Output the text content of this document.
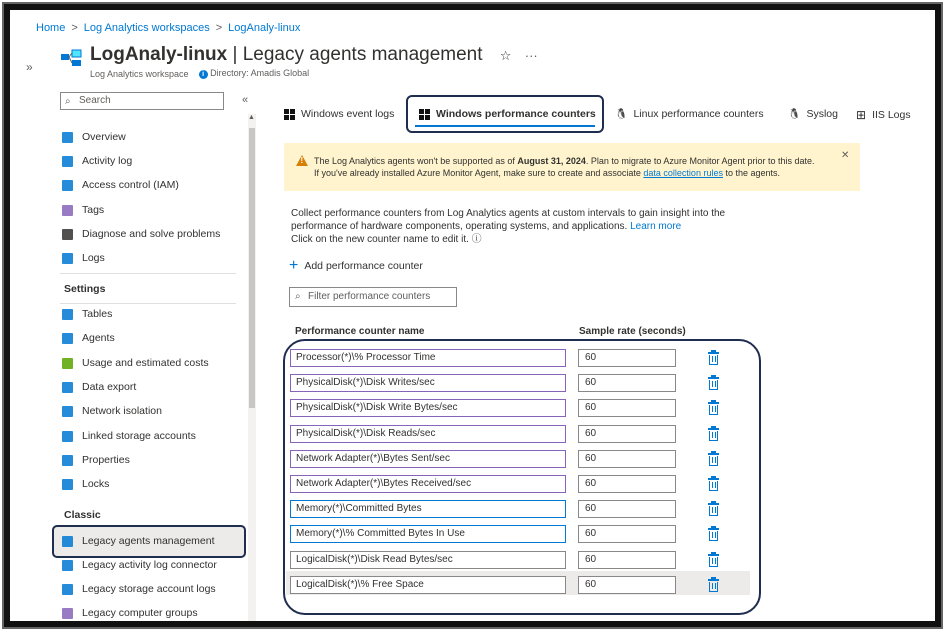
Home > Log Analytics workspaces > LogAnaly-linux
»
LogAnaly-linux | Legacy agents management ☆ ···
Log Analytics workspace	i Directory: Amadis Global
⌕ Search	«
▲
Overview
Activity log
Access control (IAM)
Tags
Diagnose and solve problems
Logs
Settings
Tables
Agents
Usage and estimated costs
Data export
Network isolation
Linked storage accounts
Properties
Locks
Classic
Legacy agents management
Legacy activity log connector
Legacy storage account logs
Legacy computer groups
Windows event logs	Windows performance counters 🐧 Linux performance counters 🐧 Syslog ⊞ IIS Logs
!
The Log Analytics agents won't be supported as of August 31, 2024. Plan to migrate to Azure Monitor Agent prior to this date.
If you've already installed Azure Monitor Agent, make sure to create and associate data collection rules to the agents.
✕
Collect performance counters from Log Analytics agents at custom intervals to gain insight into the
performance of hardware components, operating systems, and applications. Learn more
Click on the new counter name to edit it. ⓘ
+ Add performance counter
⌕ Filter performance counters
Performance counter name	Sample rate (seconds)
Processor(*)\% Processor Time	60
PhysicalDisk(*)\Disk Writes/sec	60
PhysicalDisk(*)\Disk Write Bytes/sec	60
PhysicalDisk(*)\Disk Reads/sec	60
Network Adapter(*)\Bytes Sent/sec	60
Network Adapter(*)\Bytes Received/sec	60
Memory(*)\Committed Bytes	60
Memory(*)\% Committed Bytes In Use	60
LogicalDisk(*)\Disk Read Bytes/sec	60
LogicalDisk(*)\% Free Space	60
